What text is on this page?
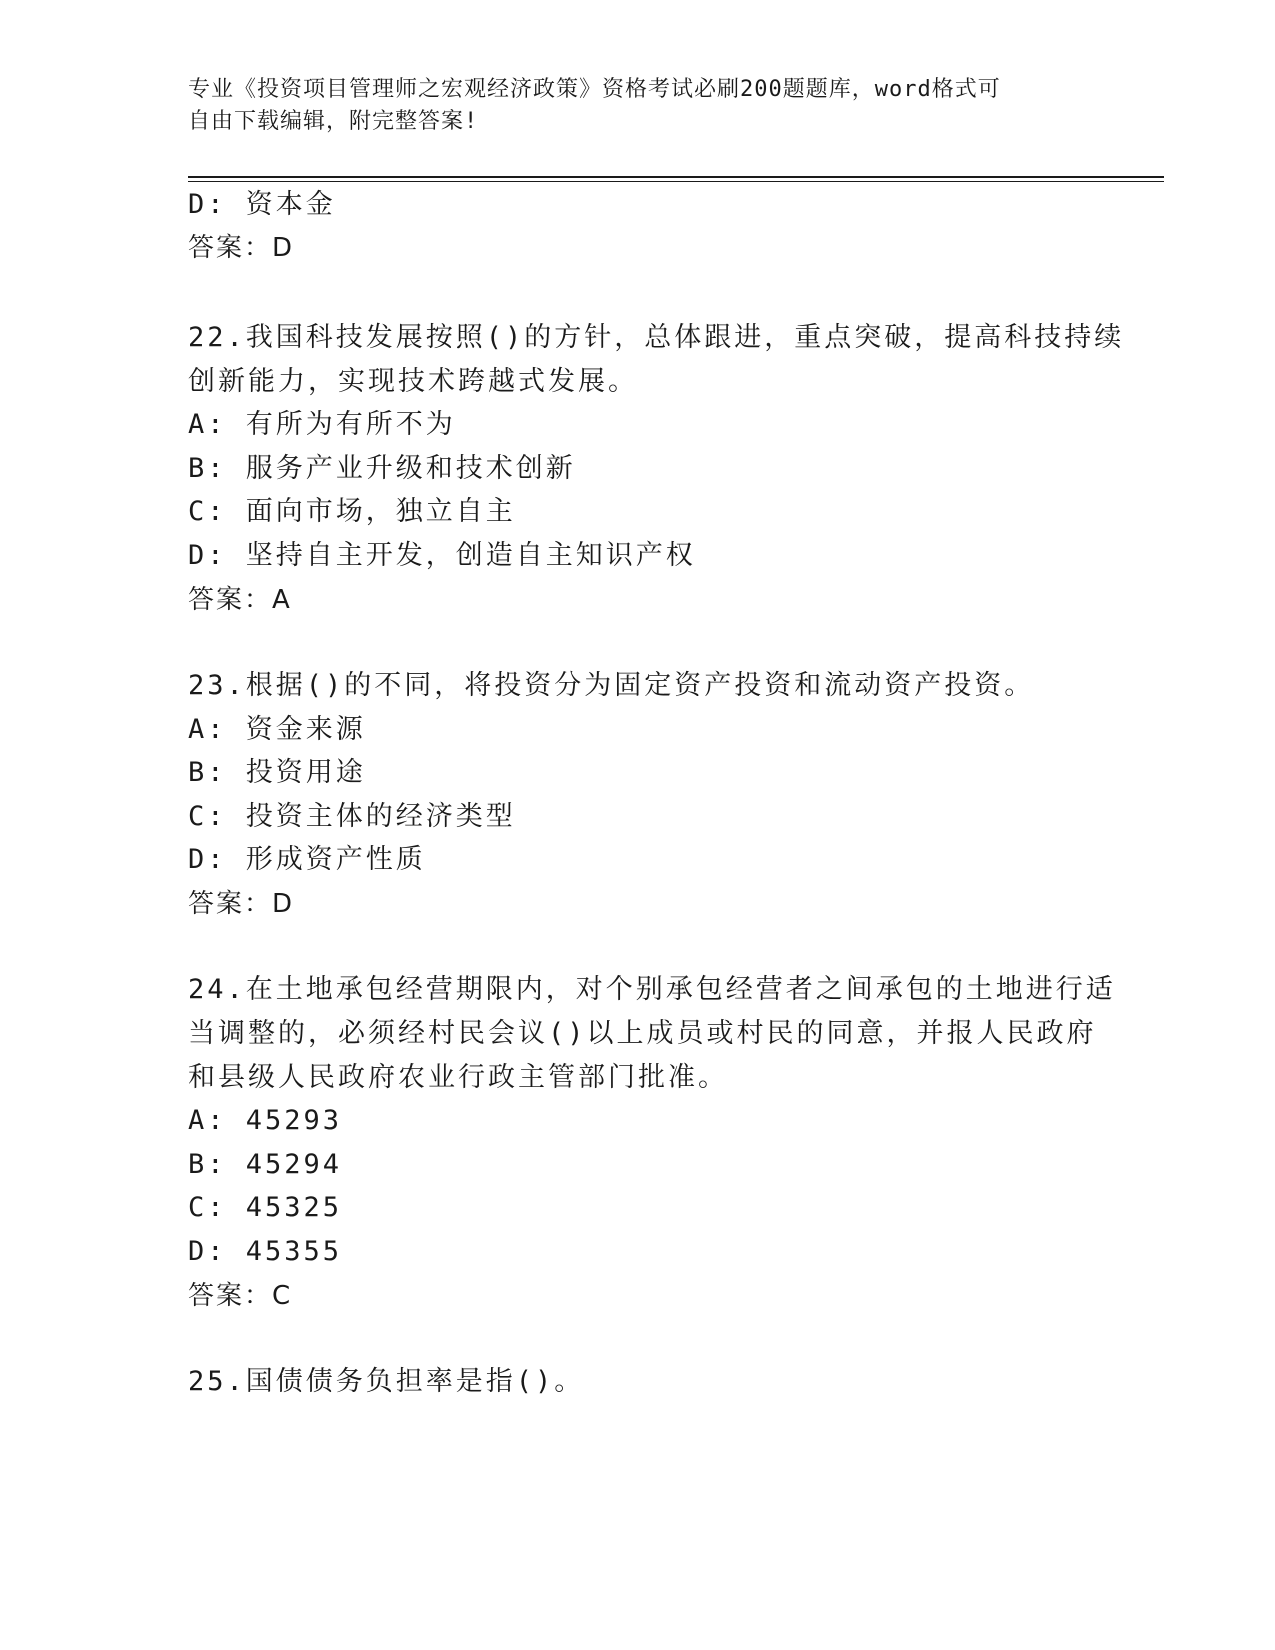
专业《投资项目管理师之宏观经济政策》资格考试必刷200题题库，word格式可
自由下载编辑，附完整答案!
D: 资本金
答案：D
22.我国科技发展按照()的方针，总体跟进，重点突破，提高科技持续
创新能力，实现技术跨越式发展。
A: 有所为有所不为
B: 服务产业升级和技术创新
C: 面向市场，独立自主
D: 坚持自主开发，创造自主知识产权
答案：A
23.根据()的不同，将投资分为固定资产投资和流动资产投资。
A: 资金来源
B: 投资用途
C: 投资主体的经济类型
D: 形成资产性质
答案：D
24.在土地承包经营期限内，对个别承包经营者之间承包的土地进行适
当调整的，必须经村民会议()以上成员或村民的同意，并报人民政府
和县级人民政府农业行政主管部门批准。
A: 45293
B: 45294
C: 45325
D: 45355
答案：C
25.国债债务负担率是指()。
